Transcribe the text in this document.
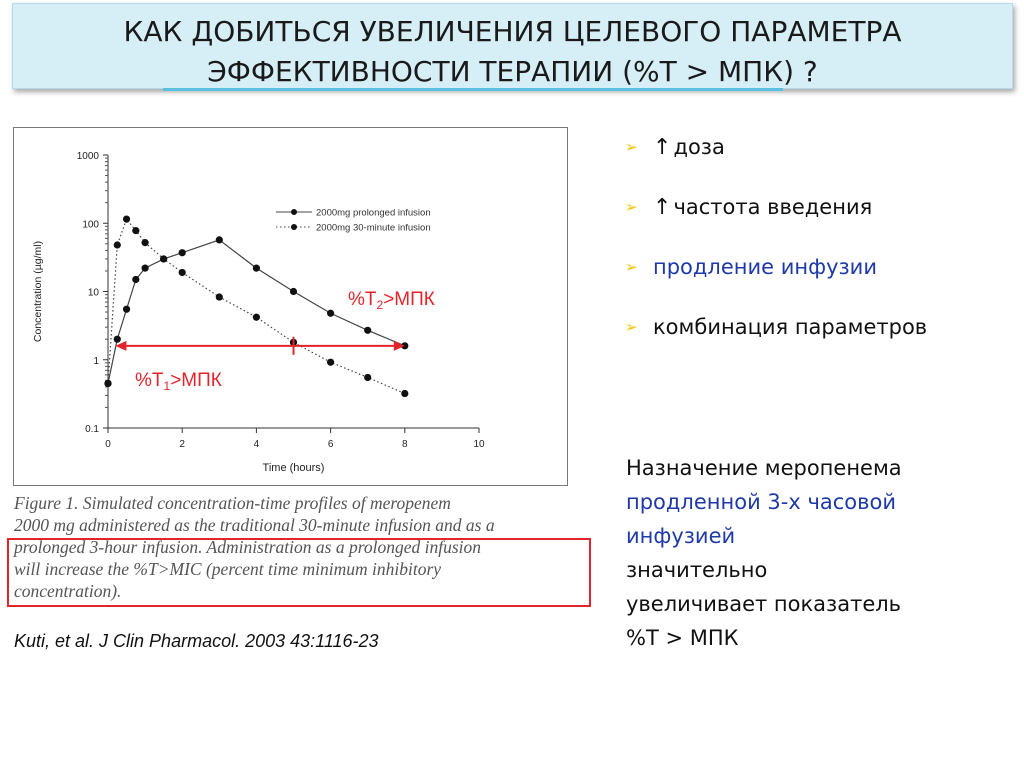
КАК ДОБИТЬСЯ УВЕЛИЧЕНИЯ ЦЕЛЕВОГО ПАРАМЕТРА
ЭФФЕКТИВНОСТИ ТЕРАПИИ (%Т > МПК) ?
0.1
1
10
100
1000
0	2	4	6	8	10
Time (hours)
Concentration (µg/ml)
2000mg prolonged infusion
2000mg 30-minute infusion
$\%T_2>МПК$
$\%T_1>МПК$
Figure 1. Simulated concentration-time profiles of meropenem
2000 mg administered as the traditional 30-minute infusion and as a
prolonged 3-hour infusion. Administration as a prolonged infusion
will increase the %T>MIC (percent time minimum inhibitory
concentration).
Kuti, et al. J Clin Pharmacol. 2003 43:1116-23
➢ ↑доза
➢ ↑частота введения
➢ продление инфузии
➢ комбинация параметров
Назначение меропенема
продленной 3-х часовой
инфузией
значительно
увеличивает показатель
%Т > МПК
